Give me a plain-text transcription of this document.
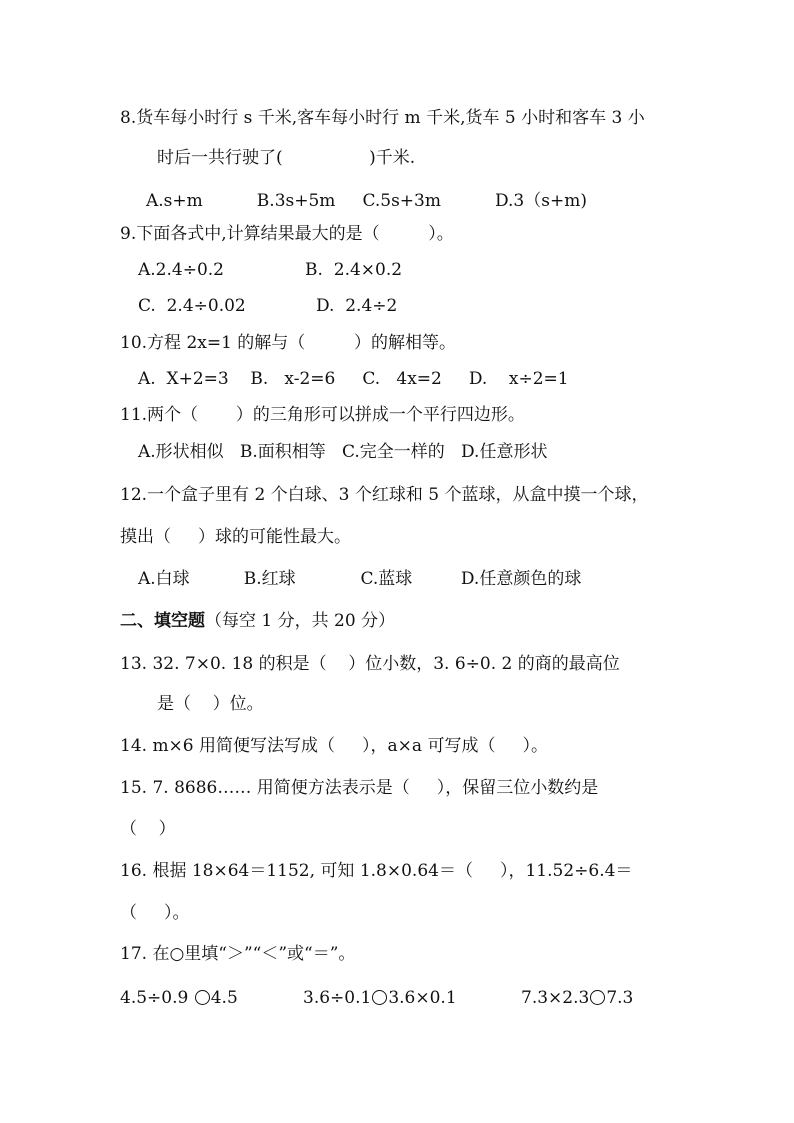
8.货车每小时行 s 千米,客车每小时行 m 千米,货车 5 小时和客车 3 小
时后一共行驶了(                )千米.
A.s+m          B.3s+5m     C.5s+3m          D.3（s+m)
9.下面各式中,计算结果最大的是（         ）。
A.2.4÷0.2               B.  2.4×0.2
C.  2.4÷0.02             D.  2.4÷2
10.方程 2x=1 的解与（         ）的解相等。
A.  X+2=3    B.   x-2=6     C.   4x=2     D.    x÷2=1
11.两个（       ）的三角形可以拼成一个平行四边形。
A.形状相似   B.面积相等   C.完全一样的   D.任意形状
12.一个盒子里有 2 个白球、3 个红球和 5 个蓝球，从盒中摸一个球，
摸出（     ）球的可能性最大。
A.白球          B.红球            C.蓝球         D.任意颜色的球
二、填空题（每空 1 分，共 20 分）
13. 32. 7×0. 18 的积是（    ）位小数，3. 6÷0. 2 的商的最高位
是（    ）位。
14. m×6 用简便写法写成（     ），a×a 可写成（     ）。
15. 7. 8686…… 用简便方法表示是（     ），保留三位小数约是
（    ）
16. 根据 18×64＝1152, 可知 1.8×0.64＝（     ），11.52÷6.4＝
（     ）。
17. 在○里填“＞”“＜”或“＝”。
4.5÷0.9 4.5	3.6÷0.1 3.6×0.1	7.3×2.3 7.3
